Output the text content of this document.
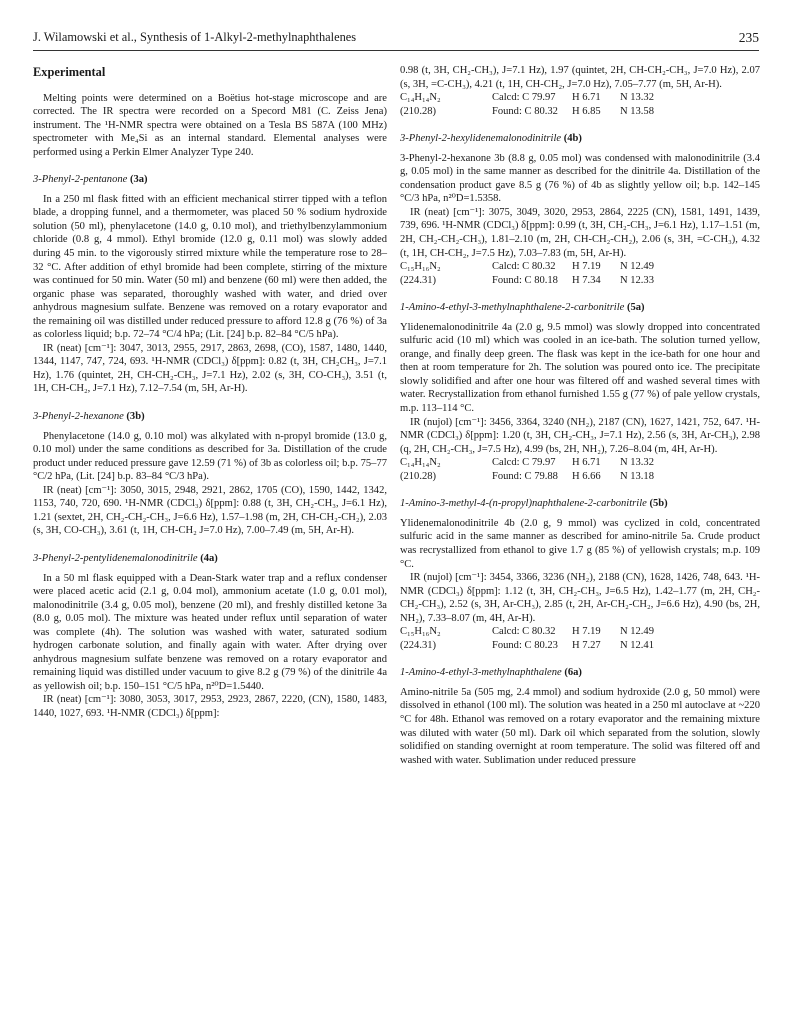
J. Wilamowski et al., Synthesis of 1-Alkyl-2-methylnaphthalenes	235

Experimental

Melting points were determined on a Boëtius hot-stage microscope and are corrected. The IR spectra were recorded on a Specord M81 (C. Zeiss Jena) instrument. The ¹H-NMR spectra were obtained on a Tesla BS 587A (100 MHz) spectrometer with Me₄Si as an internal standard. Elemental analyses were performed using a Perkin Elmer Analyzer Type 240.

3-Phenyl-2-pentanone (3a)

In a 250 ml flask fitted with an efficient mechanical stirrer tipped with a teflon blade, a dropping funnel, and a thermometer, was placed 50 % sodium hydroxide solution (50 ml), phenylacetone (14.0 g, 0.10 mol), and triethylbenzylammonium chloride (0.8 g, 4 mmol). Ethyl bromide (12.0 g, 0.11 mol) was slowly added during 45 min. to the vigorously stirred mixture while the temperature rose to 28–32 °C. After addition of ethyl bromide had been complete, stirring of the mixture was continued for 50 min. Water (50 ml) and benzene (60 ml) were then added, the organic phase was separated, thoroughly washed with water, and dried over anhydrous magnesium sulfate. Benzene was removed on a rotary evaporator and the remaining oil was distilled under reduced pressure to afford 12.8 g (76 %) of 3a as colorless liquid; b.p. 72–74 °C/4 hPa; (Lit. [24] b.p. 82–84 °C/5 hPa).

IR (neat) [cm⁻¹]: 3047, 3013, 2955, 2917, 2863, 2698, (CO), 1587, 1480, 1440, 1344, 1147, 747, 724, 693. ¹H-NMR (CDCl₃) δ[ppm]: 0.82 (t, 3H, CH₂CH₃, J=7.1 Hz), 1.76 (quintet, 2H, CH-CH₂-CH₃, J=7.1 Hz), 2.02 (s, 3H, CO-CH₃), 3.51 (t, 1H, CH-CH₂, J=7.1 Hz), 7.12–7.54 (m, 5H, Ar-H).

3-Phenyl-2-hexanone (3b)

Phenylacetone (14.0 g, 0.10 mol) was alkylated with n-propyl bromide (13.0 g, 0.10 mol) under the same conditions as described for 3a. Distillation of the crude product under reduced pressure gave 12.59 (71 %) of 3b as colorless oil; b.p. 75–77 °C/2 hPa, (Lit. [24] b.p. 83–84 °C/3 hPa).

IR (neat) [cm⁻¹]: 3050, 3015, 2948, 2921, 2862, 1705 (CO), 1590, 1442, 1342, 1153, 740, 720, 690. ¹H-NMR (CDCl₃) δ[ppm]: 0.88 (t, 3H, CH₂-CH₃, J=6.1 Hz), 1.21 (sextet, 2H, CH₂-CH₂-CH₃, J=6.6 Hz), 1.57–1.98 (m, 2H, CH-CH₂-CH₂), 2.03 (s, 3H, CO-CH₃), 3.61 (t, 1H, CH-CH₂ J=7.0 Hz), 7.00–7.49 (m, 5H, Ar-H).

3-Phenyl-2-pentylidenemalonodinitrile (4a)

In a 50 ml flask equipped with a Dean-Stark water trap and a reflux condenser were placed acetic acid (2.1 g, 0.04 mol), ammonium acetate (1.0 g, 0.01 mol), malonodinitrile (3.4 g, 0.05 mol), benzene (20 ml), and freshly distilled ketone 3a (8.0 g, 0.05 mol). The mixture was heated under reflux until separation of water was complete (4h). The solution was washed with water, saturated sodium hydrogen carbonate solution, and finally again with water. After drying over anhydrous magnesium sulfate benzene was removed on a rotary evaporator and remaining liquid was distilled under vacuum to give 8.2 g (79 %) of the dinitrile 4a as yellowish oil; b.p. 150–151 °C/5 hPa, n²⁰D=1.5440.

IR (neat) [cm⁻¹]: 3080, 3053, 3017, 2953, 2923, 2867, 2220, (CN), 1580, 1483, 1440, 1027, 693. ¹H-NMR (CDCl₃) δ[ppm]:

0.98 (t, 3H, CH₂-CH₃), J=7.1 Hz), 1.97 (quintet, 2H, CH-CH₂-CH₃, J=7.0 Hz), 2.07 (s, 3H, =C-CH₃), 4.21 (t, 1H, CH-CH₂, J=7.0 Hz), 7.05–7.77 (m, 5H, Ar-H).

C₁₄H₁₄N₂	Calcd: C 79.97	H 6.71	N 13.32
(210.28)	Found: C 80.32	H 6.85	N 13.58

3-Phenyl-2-hexylidenemalonodinitrile (4b)

3-Phenyl-2-hexanone 3b (8.8 g, 0.05 mol) was condensed with malonodinitrile (3.4 g, 0.05 mol) in the same manner as described for the dinitrile 4a. Distillation of the condensation product gave 8.5 g (76 %) of 4b as slightly yellow oil; b.p. 142–145 °C/3 hPa, n²⁰D=1.5358.

IR (neat) [cm⁻¹]: 3075, 3049, 3020, 2953, 2864, 2225 (CN), 1581, 1491, 1439, 739, 696. ¹H-NMR (CDCl₃) δ[ppm]: 0.99 (t, 3H, CH₂-CH₃, J=6.1 Hz), 1.17–1.51 (m, 2H, CH₂-CH₂-CH₃), 1.81–2.10 (m, 2H, CH-CH₂-CH₂), 2.06 (s, 3H, =C-CH₃), 4.32 (t, 1H, CH-CH₂, J=7.5 Hz), 7.03–7.83 (m, 5H, Ar-H).

C₁₅H₁₆N₂	Calcd: C 80.32	H 7.19	N 12.49
(224.31)	Found: C 80.18	H 7.34	N 12.33

1-Amino-4-ethyl-3-methylnaphthalene-2-carbonitrile (5a)

Ylidenemalonodinitrile 4a (2.0 g, 9.5 mmol) was slowly dropped into concentrated sulfuric acid (10 ml) which was cooled in an ice-bath. The solution turned yellow, orange, and finally deep green. The flask was kept in the ice-bath for one hour and then at room temperature for 2h. The solution was poured onto ice. The precipitate slowly solidified and after one hour was filtered off and washed several times with water. Recrystallization from ethanol furnished 1.55 g (77 %) of pale yellow crystals, m.p. 113–114 °C.

IR (nujol) [cm⁻¹]: 3456, 3364, 3240 (NH₂), 2187 (CN), 1627, 1421, 752, 647. ¹H-NMR (CDCl₃) δ[ppm]: 1.20 (t, 3H, CH₂-CH₃, J=7.1 Hz), 2.56 (s, 3H, Ar-CH₃), 2.98 (q, 2H, CH₂-CH₃, J=7.5 Hz), 4.99 (bs, 2H, NH₂), 7.26–8.04 (m, 4H, Ar-H).

C₁₄H₁₄N₂	Calcd: C 79.97	H 6.71	N 13.32
(210.28)	Found: C 79.88	H 6.66	N 13.18

1-Amino-3-methyl-4-(n-propyl)naphthalene-2-carbonitrile (5b)

Ylidenemalonodinitrile 4b (2.0 g, 9 mmol) was cyclized in cold, concentrated sulfuric acid in the same manner as described for amino-nitrile 5a. Crude product was recrystallized from ethanol to give 1.7 g (85 %) of yellowish crystals; m.p. 109 °C.

IR (nujol) [cm⁻¹]: 3454, 3366, 3236 (NH₂), 2188 (CN), 1628, 1426, 748, 643. ¹H-NMR (CDCl₃) δ[ppm]: 1.12 (t, 3H, CH₂-CH₃, J=6.5 Hz), 1.42–1.77 (m, 2H, CH₂-CH₂-CH₃), 2.52 (s, 3H, Ar-CH₃), 2.85 (t, 2H, Ar-CH₂-CH₂, J=6.6 Hz), 4.90 (bs, 2H, NH₂), 7.33–8.07 (m, 4H, Ar-H).

C₁₅H₁₆N₂	Calcd: C 80.32	H 7.19	N 12.49
(224.31)	Found: C 80.23	H 7.27	N 12.41

1-Amino-4-ethyl-3-methylnaphthalene (6a)

Amino-nitrile 5a (505 mg, 2.4 mmol) and sodium hydroxide (2.0 g, 50 mmol) were dissolved in ethanol (100 ml). The solution was heated in a 250 ml autoclave at ~220 °C for 48h. Ethanol was removed on a rotary evaporator and the remaining mixture was diluted with water (50 ml). Dark oil which separated from the solution, slowly solidified on standing overnight at room temperature. The solid was filtered off and washed with water. Sublimation under reduced pressure
